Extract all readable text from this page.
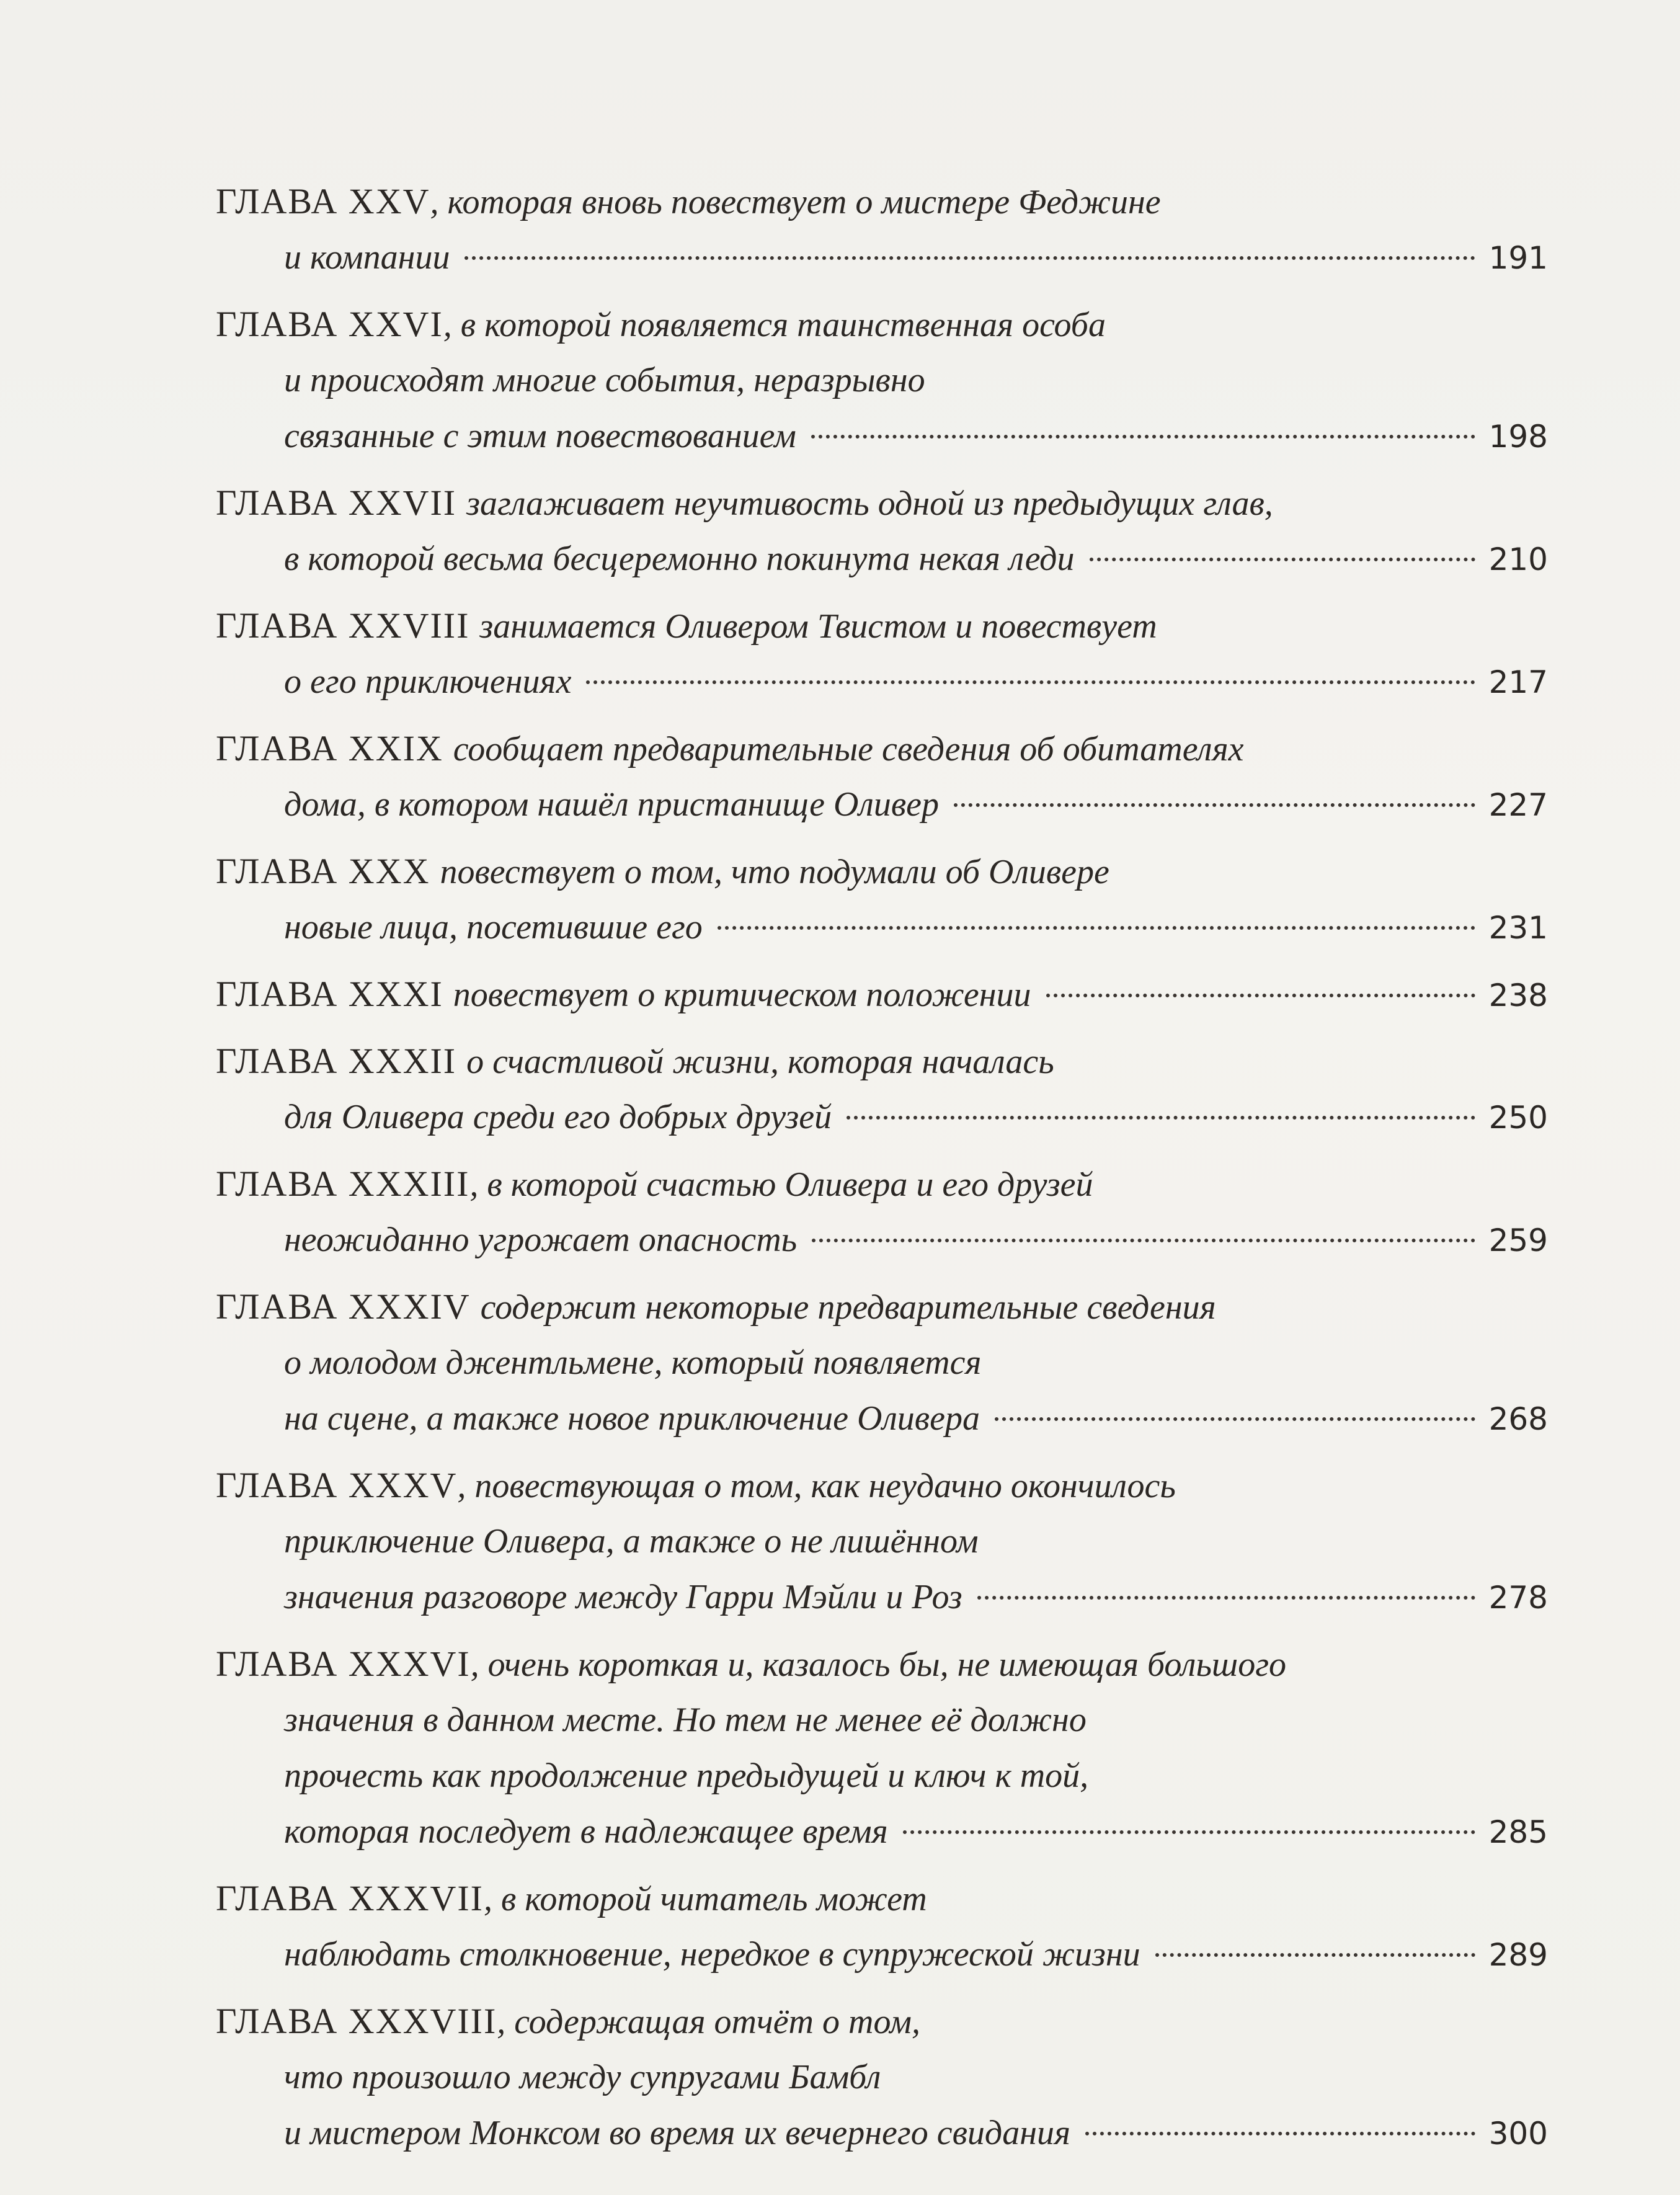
ГЛАВА XXV , которая вновь повествует о мистере Феджине
и компании	191
ГЛАВА XXVI , в которой появляется таинственная особа
и происходят многие события, неразрывно
связанные с этим повествованием	198
ГЛАВА XXVII заглаживает неучтивость одной из предыдущих глав,
в которой весьма бесцеремонно покинута некая леди	210
ГЛАВА XXVIII занимается Оливером Твистом и повествует
о его приключениях	217
ГЛАВА XXIX сообщает предварительные сведения об обитателях
дома, в котором нашёл пристанище Оливер	227
ГЛАВА XXX повествует о том, что подумали об Оливере
новые лица, посетившие его	231
ГЛАВА XXXI повествует о критическом положении	238
ГЛАВА XXXII о счастливой жизни, которая началась
для Оливера среди его добрых друзей	250
ГЛАВА XXXIII , в которой счастью Оливера и его друзей
неожиданно угрожает опасность	259
ГЛАВА XXXIV содержит некоторые предварительные сведения
о молодом джентльмене, который появляется
на сцене, а также новое приключение Оливера	268
ГЛАВА XXXV , повествующая о том, как неудачно окончилось
приключение Оливера, а также о не лишённом
значения разговоре между Гарри Мэйли и Роз	278
ГЛАВА XXXVI , очень короткая и, казалось бы, не имеющая большого
значения в данном месте. Но тем не менее её должно
прочесть как продолжение предыдущей и ключ к той,
которая последует в надлежащее время	285
ГЛАВА XXXVII , в которой читатель может
наблюдать столкновение, нередкое в супружеской жизни	289
ГЛАВА XXXVIII , содержащая отчёт о том,
что произошло между супругами Бамбл
и мистером Монксом во время их вечернего свидания	300
